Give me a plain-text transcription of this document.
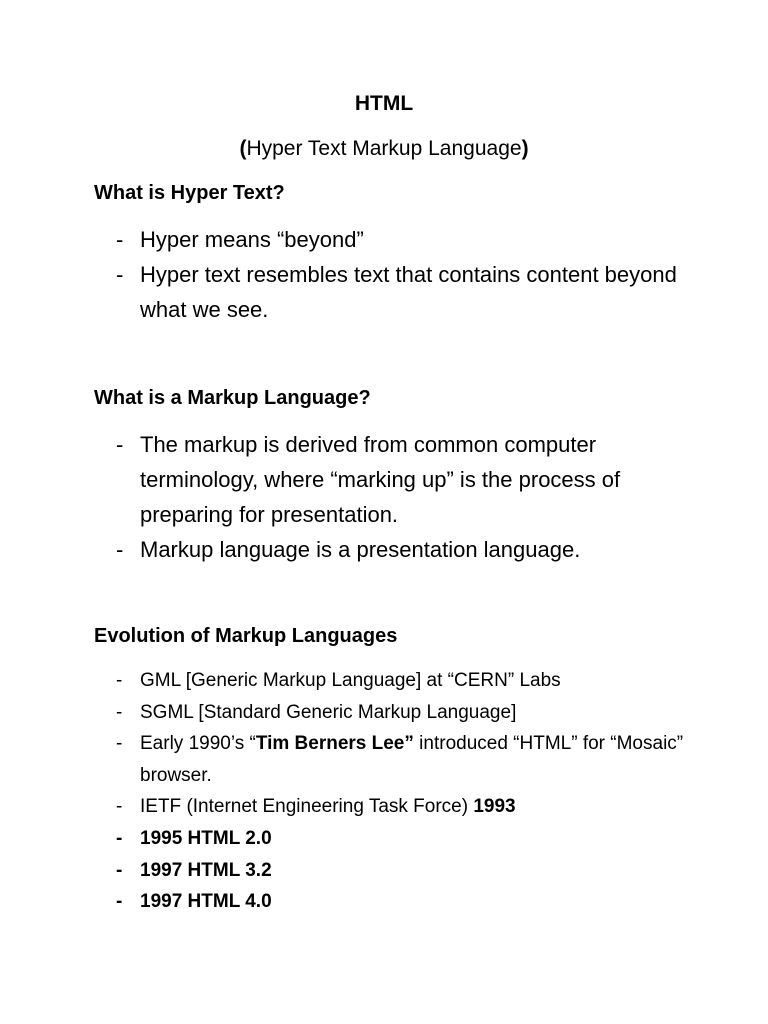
HTML

(Hyper Text Markup Language)

What is Hyper Text?
- Hyper means “beyond”
- Hyper text resembles text that contains content beyond what we see.
What is a Markup Language?
- The markup is derived from common computer terminology, where “marking up” is the process of preparing for presentation.
- Markup language is a presentation language.
Evolution of Markup Languages
- GML [Generic Markup Language] at “CERN” Labs
- SGML [Standard Generic Markup Language]
- Early 1990’s “Tim Berners Lee” introduced “HTML” for “Mosaic” browser.
- IETF (Internet Engineering Task Force) 1993
- 1995 HTML 2.0
- 1997 HTML 3.2
- 1997 HTML 4.0
